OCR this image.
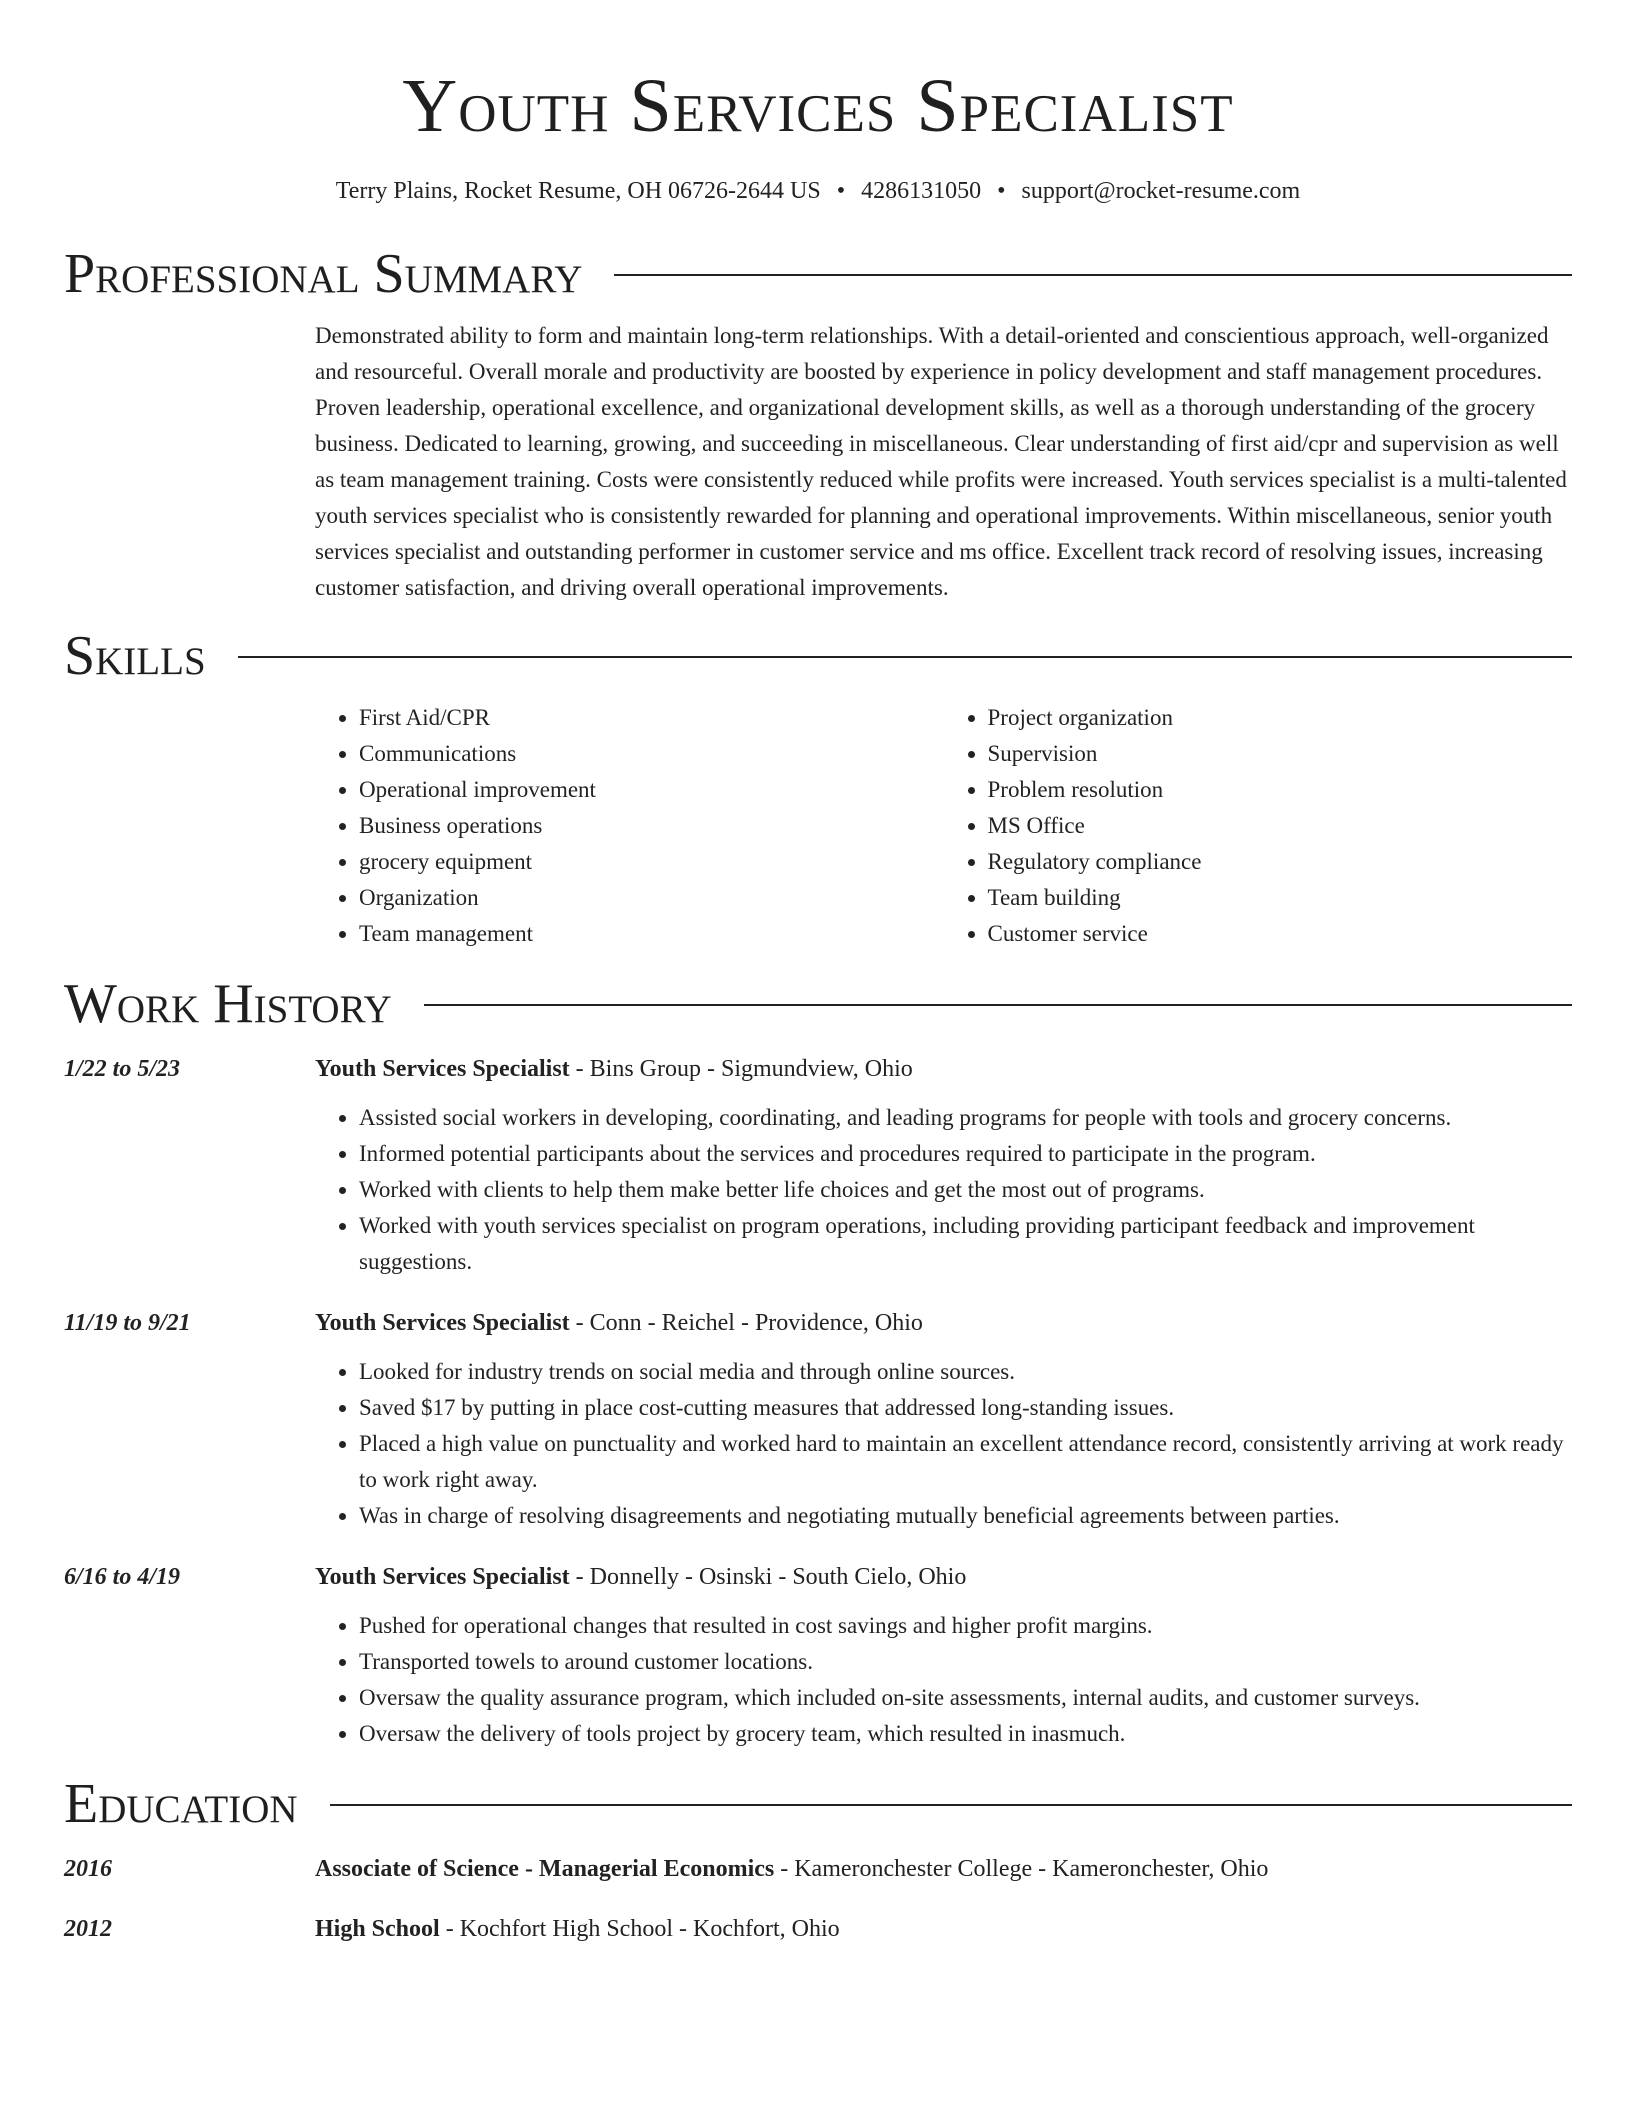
Youth Services Specialist
Terry Plains, Rocket Resume, OH 06726-2644 US • 4286131050 • support@rocket-resume.com
Professional Summary
Demonstrated ability to form and maintain long-term relationships. With a detail-oriented and conscientious approach, well-organized and resourceful. Overall morale and productivity are boosted by experience in policy development and staff management procedures. Proven leadership, operational excellence, and organizational development skills, as well as a thorough understanding of the grocery business. Dedicated to learning, growing, and succeeding in miscellaneous. Clear understanding of first aid/cpr and supervision as well as team management training. Costs were consistently reduced while profits were increased. Youth services specialist is a multi-talented youth services specialist who is consistently rewarded for planning and operational improvements. Within miscellaneous, senior youth services specialist and outstanding performer in customer service and ms office. Excellent track record of resolving issues, increasing customer satisfaction, and driving overall operational improvements.
Skills
• First Aid/CPR
• Communications
• Operational improvement
• Business operations
• grocery equipment
• Organization
• Team management
• Project organization
• Supervision
• Problem resolution
• MS Office
• Regulatory compliance
• Team building
• Customer service
Work History
1/22 to 5/23	Youth Services Specialist - Bins Group - Sigmundview, Ohio
• Assisted social workers in developing, coordinating, and leading programs for people with tools and grocery concerns.
• Informed potential participants about the services and procedures required to participate in the program.
• Worked with clients to help them make better life choices and get the most out of programs.
• Worked with youth services specialist on program operations, including providing participant feedback and improvement suggestions.
11/19 to 9/21	Youth Services Specialist - Conn - Reichel - Providence, Ohio
• Looked for industry trends on social media and through online sources.
• Saved $17 by putting in place cost-cutting measures that addressed long-standing issues.
• Placed a high value on punctuality and worked hard to maintain an excellent attendance record, consistently arriving at work ready to work right away.
• Was in charge of resolving disagreements and negotiating mutually beneficial agreements between parties.
6/16 to 4/19	Youth Services Specialist - Donnelly - Osinski - South Cielo, Ohio
• Pushed for operational changes that resulted in cost savings and higher profit margins.
• Transported towels to around customer locations.
• Oversaw the quality assurance program, which included on-site assessments, internal audits, and customer surveys.
• Oversaw the delivery of tools project by grocery team, which resulted in inasmuch.
Education
2016	Associate of Science - Managerial Economics - Kameronchester College - Kameronchester, Ohio
2012	High School - Kochfort High School - Kochfort, Ohio
